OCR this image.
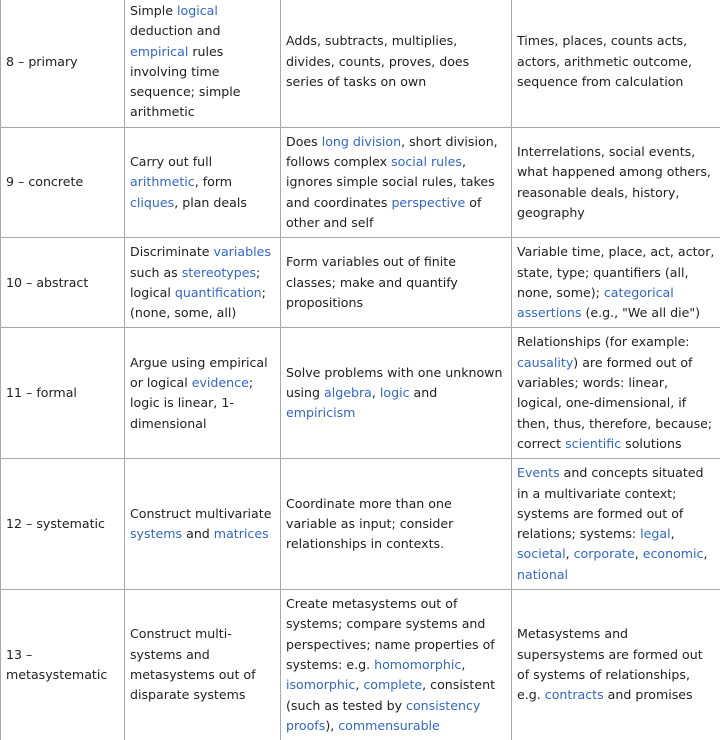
8 – primary	Simple logical deduction and empirical rules involving time sequence; simple arithmetic	Adds, subtracts, multiplies, divides, counts, proves, does series of tasks on own	Times, places, counts acts, actors, arithmetic outcome, sequence from calculation
9 – concrete	Carry out full arithmetic, form cliques, plan deals	Does long division, short division, follows complex social rules, ignores simple social rules, takes and coordinates perspective of other and self	Interrelations, social events, what happened among others, reasonable deals, history, geography
10 – abstract	Discriminate variables such as stereotypes; logical quantification; (none, some, all)	Form variables out of finite classes; make and quantify propositions	Variable time, place, act, actor, state, type; quantifiers (all, none, some); categorical assertions (e.g., "We all die")
11 – formal	Argue using empirical or logical evidence; logic is linear, 1-dimensional	Solve problems with one unknown using algebra, logic and empiricism	Relationships (for example: causality) are formed out of variables; words: linear, logical, one-dimensional, if then, thus, therefore, because; correct scientific solutions
12 – systematic	Construct multivariate systems and matrices	Coordinate more than one variable as input; consider relationships in contexts.	Events and concepts situated in a multivariate context; systems are formed out of relations; systems: legal, societal, corporate, economic, national
13 – metasystematic	Construct multi-systems and metasystems out of disparate systems	Create metasystems out of systems; compare systems and perspectives; name properties of systems: e.g. homomorphic, isomorphic, complete, consistent (such as tested by consistency proofs), commensurable	Metasystems and supersystems are formed out of systems of relationships, e.g. contracts and promises
